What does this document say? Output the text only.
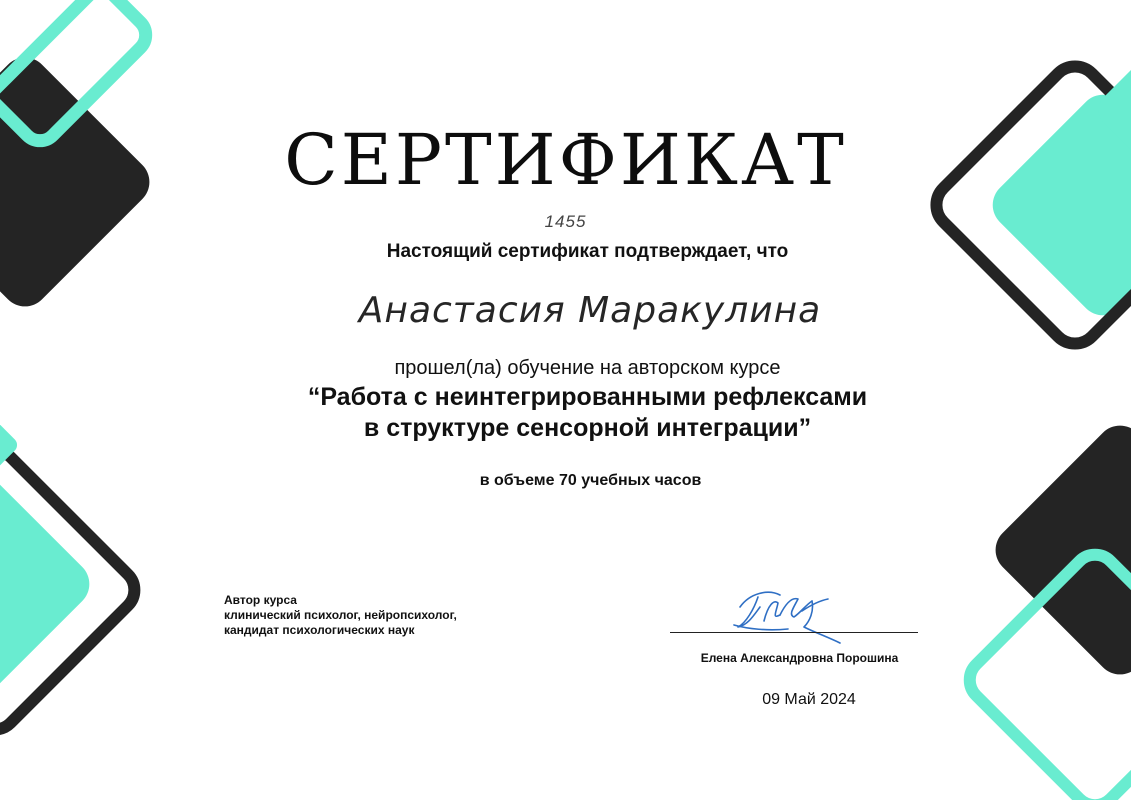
СЕРТИФИКАТ
1455
Настоящий сертификат подтверждает, что
Анастасия Маракулина
прошел(ла) обучение на авторском курсе
“Работа с неинтегрированными рефлексами
в структуре сенсорной интеграции”
в объеме 70 учебных часов
Автор курса
клинический психолог, нейропсихолог,
кандидат психологических наук
Елена Александровна Порошина
09 Май 2024
